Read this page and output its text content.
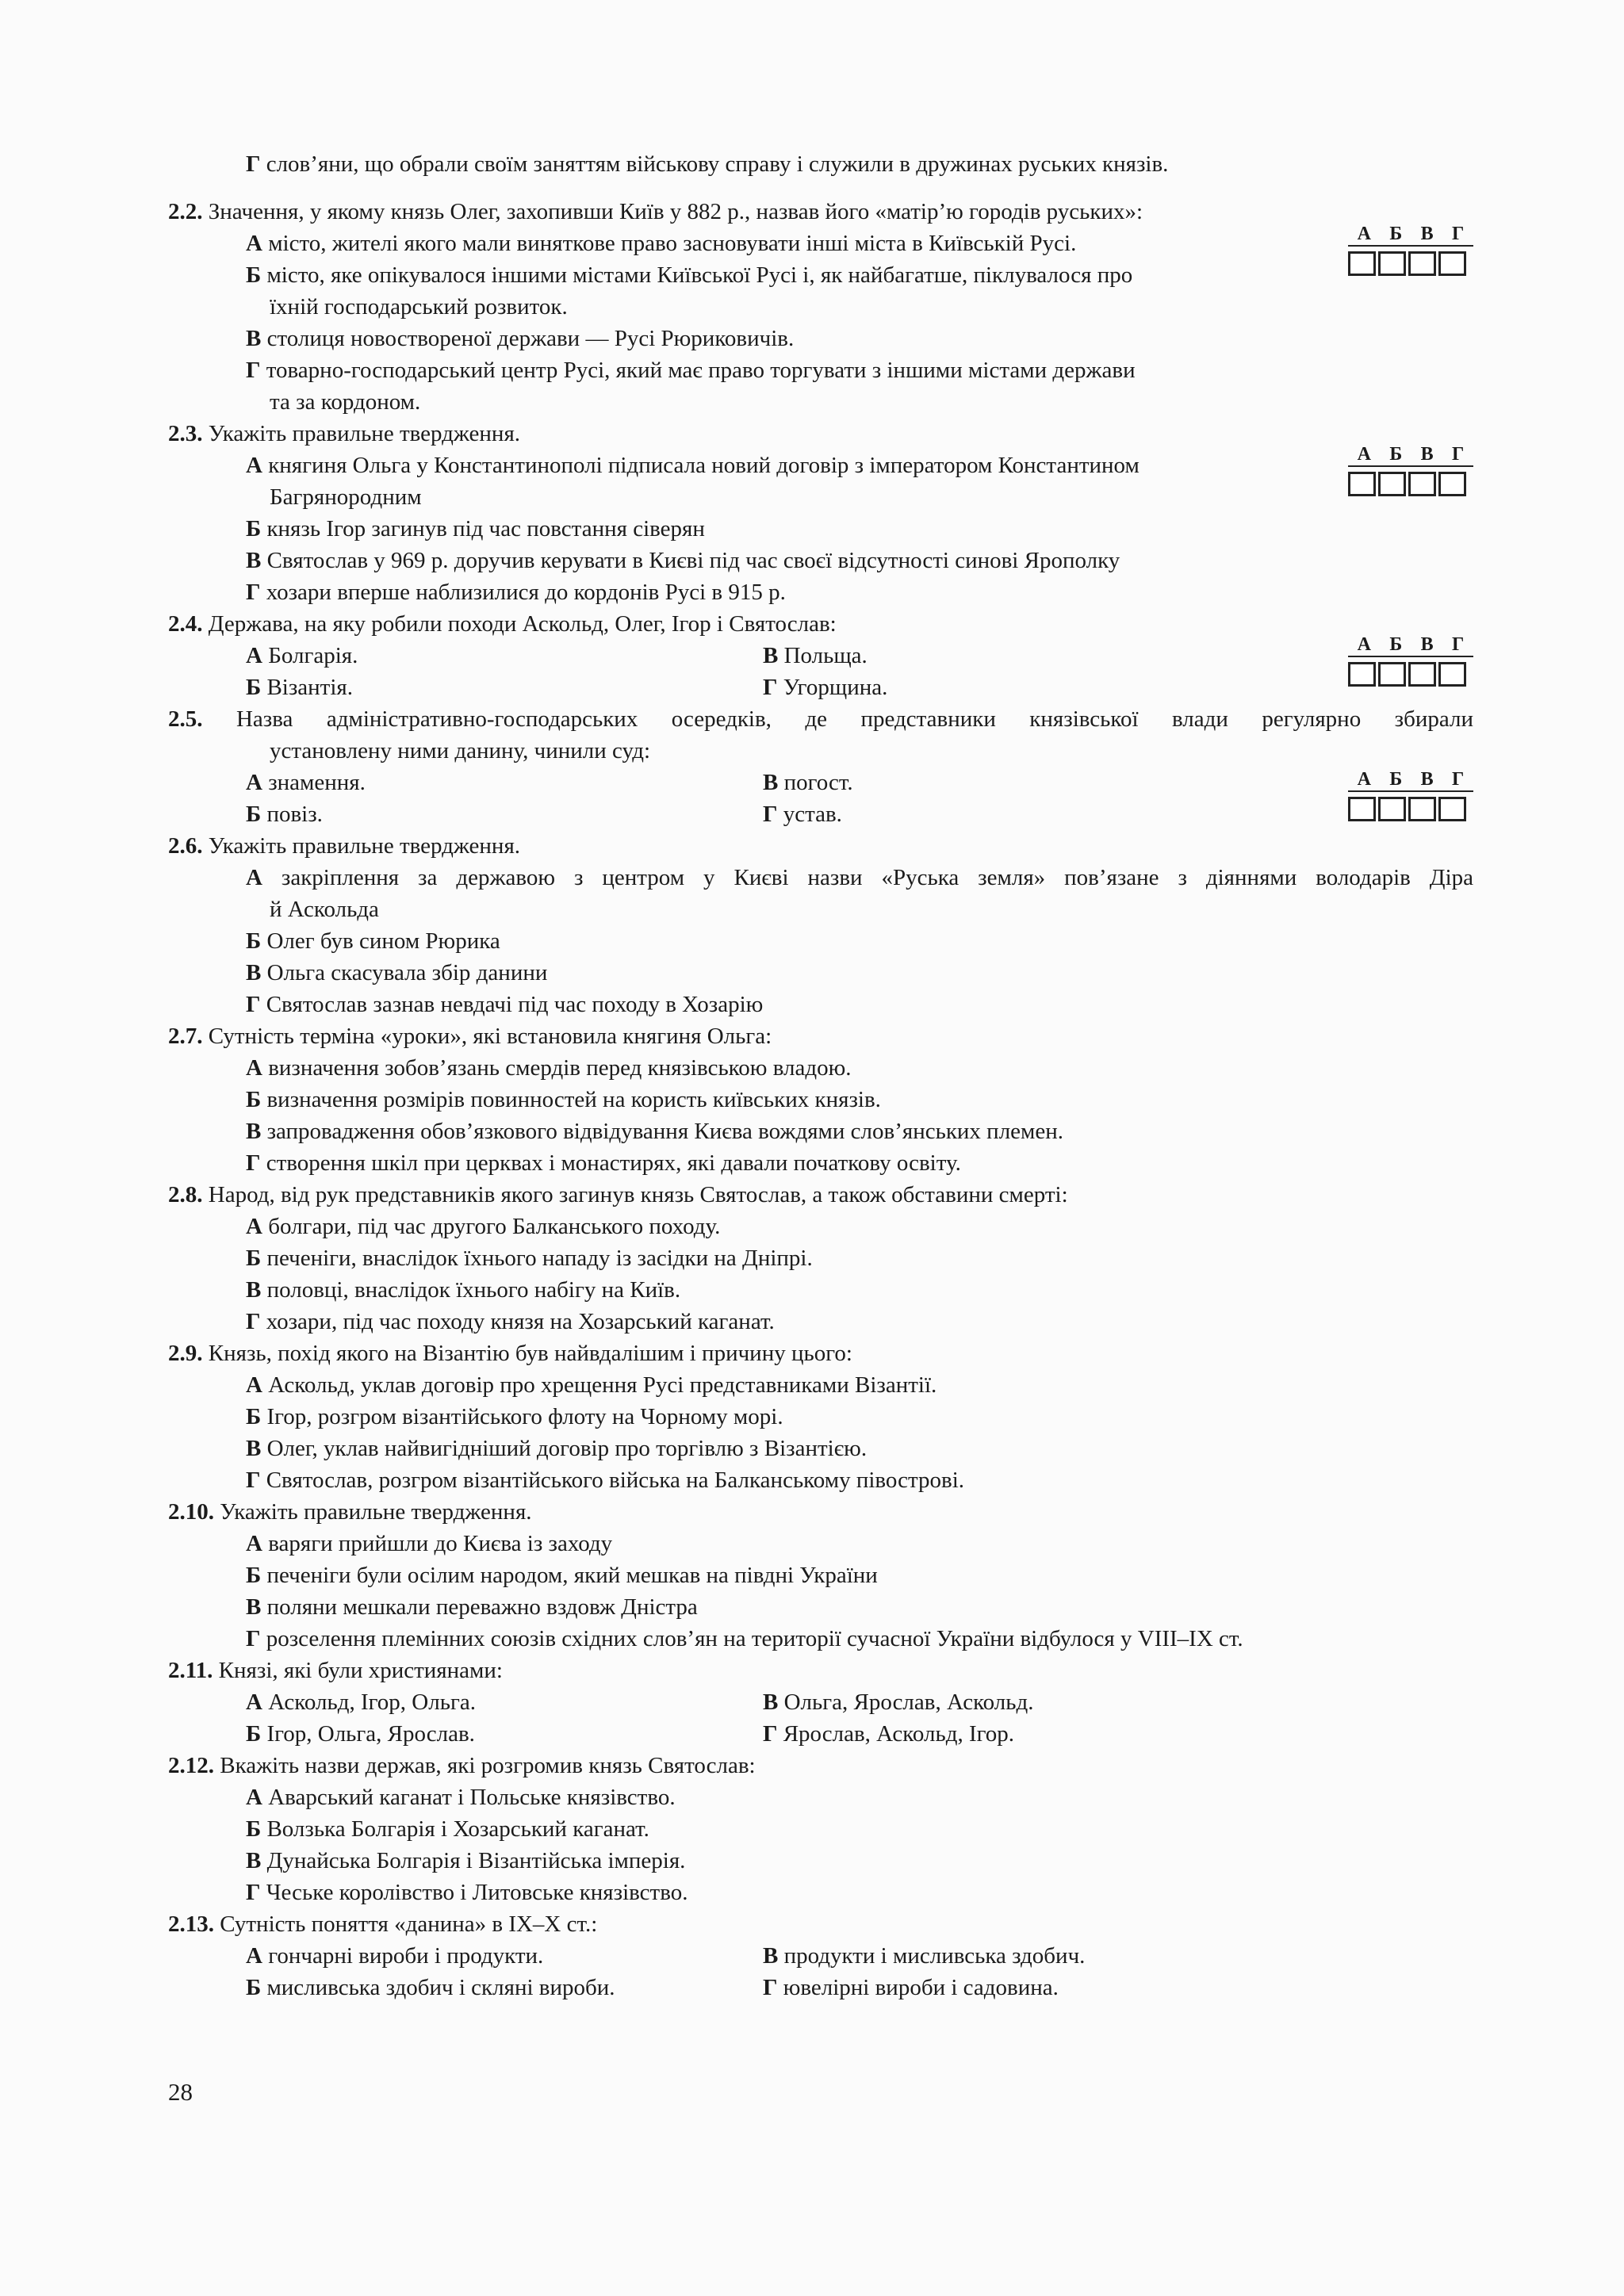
Г слов’яни, що обрали своїм заняттям військову справу і служили в дружинах руських князів.
2.2. Значення, у якому князь Олег, захопивши Київ у 882 р., назвав його «матір’ю городів руських»:
А місто, жителі якого мали виняткове право засновувати інші міста в Київській Русі.
Б місто, яке опікувалося іншими містами Київської Русі і, як найбагатше, піклувалося про
їхній господарський розвиток.
В столиця новоствореної держави — Русі Рюриковичів.
Г товарно-господарський центр Русі, який має право торгувати з іншими містами держави
та за кордоном.
2.3. Укажіть правильне твердження.
А княгиня Ольга у Константинополі підписала новий договір з імператором Константином
Багрянородним
Б князь Ігор загинув під час повстання сіверян
В Святослав у 969 р. доручив керувати в Києві під час своєї відсутності синові Ярополку
Г хозари вперше наблизилися до кордонів Русі в 915 р.
2.4. Держава, на яку робили походи Аскольд, Олег, Ігор і Святослав:
А Болгарія.	В Польща.
Б Візантія.	Г Угорщина.
2.5. Назва адміністративно-господарських осередків, де представники князівської влади регулярно збирали
установлену ними данину, чинили суд:
А знамення.	В погост.
Б повіз.	Г устав.
2.6. Укажіть правильне твердження.
А закріплення за державою з центром у Києві назви «Руська земля» пов’язане з діяннями володарів Діра
й Аскольда
Б Олег був сином Рюрика
В Ольга скасувала збір данини
Г Святослав зазнав невдачі під час походу в Хозарію
2.7. Сутність терміна «уроки», які встановила княгиня Ольга:
А визначення зобов’язань смердів перед князівською владою.
Б визначення розмірів повинностей на користь київських князів.
В запровадження обов’язкового відвідування Києва вождями слов’янських племен.
Г створення шкіл при церквах і монастирях, які давали початкову освіту.
2.8. Народ, від рук представників якого загинув князь Святослав, а також обставини смерті:
А болгари, під час другого Балканського походу.
Б печеніги, внаслідок їхнього нападу із засідки на Дніпрі.
В половці, внаслідок їхнього набігу на Київ.
Г хозари, під час походу князя на Хозарський каганат.
2.9. Князь, похід якого на Візантію був найвдалішим і причину цього:
А Аскольд, уклав договір про хрещення Русі представниками Візантії.
Б Ігор, розгром візантійського флоту на Чорному морі.
В Олег, уклав найвигідніший договір про торгівлю з Візантією.
Г Святослав, розгром візантійського війська на Балканському півострові.
2.10. Укажіть правильне твердження.
А варяги прийшли до Києва із заходу
Б печеніги були осілим народом, який мешкав на півдні України
В поляни мешкали переважно вздовж Дністра
Г розселення племінних союзів східних слов’ян на території сучасної України відбулося у VIII–IX ст.
2.11. Князі, які були християнами:
А Аскольд, Ігор, Ольга.	В Ольга, Ярослав, Аскольд.
Б Ігор, Ольга, Ярослав.	Г Ярослав, Аскольд, Ігор.
2.12. Вкажіть назви держав, які розгромив князь Святослав:
А Аварський каганат і Польське князівство.
Б Волзька Болгарія і Хозарський каганат.
В Дунайська Болгарія і Візантійська імперія.
Г Чеське королівство і Литовське князівство.
2.13. Сутність поняття «данина» в IX–X ст.:
А гончарні вироби і продукти.	В продукти і мисливська здобич.
Б мисливська здобич і скляні вироби.	Г ювелірні вироби і садовина.
А Б В Г
А Б В Г
А Б В Г
А Б В Г
28
